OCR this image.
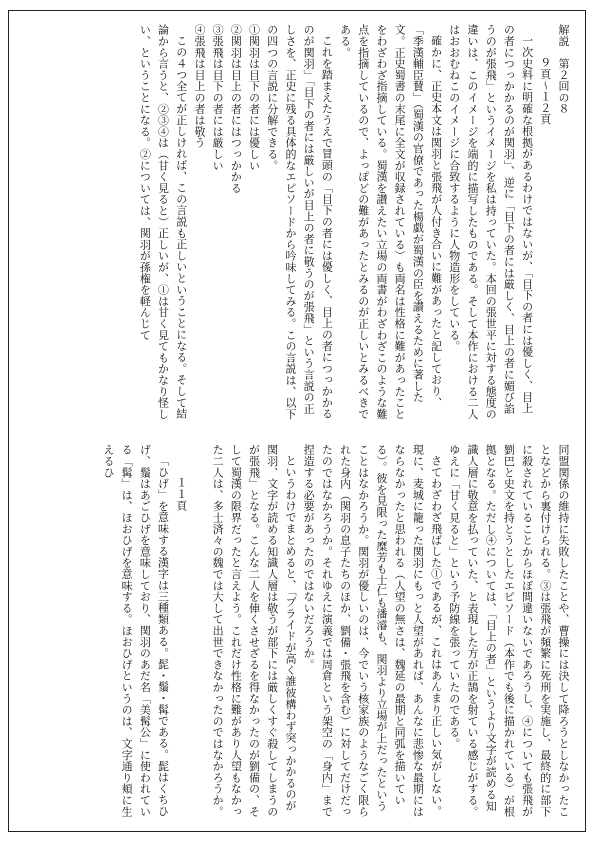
解説　第２回の８

９頁〜１２頁

一次史料に明確な根拠があるわけではないが、「目下の者には優しく、目上の者につっかかるのが関羽」、逆に「目下の者には厳しく、目上の者に媚び諂うのが張飛」というイメージを私は持っていた。本回の張世平に対する態度の違いは、このイメージを端的に描写したものである。そして本作における二人はおおむねこのイメージに合致するように人物造形をしている。

確かに、正史本文は関羽と張飛が人付き合いに難があったと記しており、「季漢輔臣賛」（蜀漢の官僚であった楊戯が蜀漢の臣を讃えるために著した文。正史蜀書の末尾に全文が収録されている）も両名は性格に難があったことをわざわざ指摘している。蜀漢を讃えたい立場の両書がわざわざこのような難点を指摘しているので、よっぽどの難があったとみるのが正しいとみるべきである。

これを踏まえたうえで冒頭の「目下の者には優しく、目上の者につっかかるのが関羽」「目下の者には厳しいが目上の者に敬うのが張飛」という言説の正しさを、正史に残る具体的なエピソードから吟味してみる。この言説は、以下の四つの言説に分解できる。

①関羽は目下の者には優しい

②関羽は目上の者にはつっかかる

③張飛は目下の者には厳しい

④張飛は目上の者は敬う

この４つ全てが正しければ、この言説も正しいということになる。そして結論から言うと、②③④は（甘く見ると）正しいが、①は甘く見てもかなり怪しい、ということになる。②については、関羽が孫権を軽んじて

同盟関係の維持に失敗したことや、曹操には決して降ろうとしなかったことなどから裏付けられる。③は張飛が頻繁に死刑を実施し、最終的に部下に殺されていることからほぼ間違いないであろうし、④についても張飛が劉巴と史文を持とうとしたエピソード（本作でも後に描かれている）が根拠となる。ただし④については、「目上の者」というより文字が読める知識人層に敬意を払っていた、と表現した方が正鵠を射ている感じがする。ゆえに「甘く見ると」という予防線を張っていたのである。

さてわざわざ飛ばした①であるが、これはあんまり正しい気がしない。現に、麦城に籠った関羽にもっと人望があれば、あんなに悲惨な最期にはならなかったと思われる（人望の無さは、魏延の最期と同弧を描いている）。彼を見限った糜芳も士仁も潘濬も、関羽より立場が上だったということはなかろうか。関羽が優しいのは、今でいう核家族のようなごく限られた身内（関羽の息子たちのほか、劉備・張飛を含む）に対してだけだったのではなかろうか。それゆえに演義では周倉という架空の「身内」まで捏造する必要があったのではないだろうか。

というわけでまとめると、「プライドが高く誰彼構わず突っかかるのが関羽、文字が読める知識人層は敬うが部下には厳しくすぐ殺してしまうのが張飛」となる。こんな二人を俥くさせざるを得なかったのが劉備の、そして蜀漢の限界だったと言えよう。これだけ性格に難があり人望もなかった二人は、多士済々の魏では大して出世できなかったのではなかろうか。

１１頁

「ひげ」を意味する漢字は三種類ある。髭・鬚・髯である。髭はくちひげ、鬚はあごひげを意味しており、関羽のあだ名「美髯公」に使われている「髯」は、ほおひげを意味する。ほおひげというのは、文字通り頬に生えるひ
